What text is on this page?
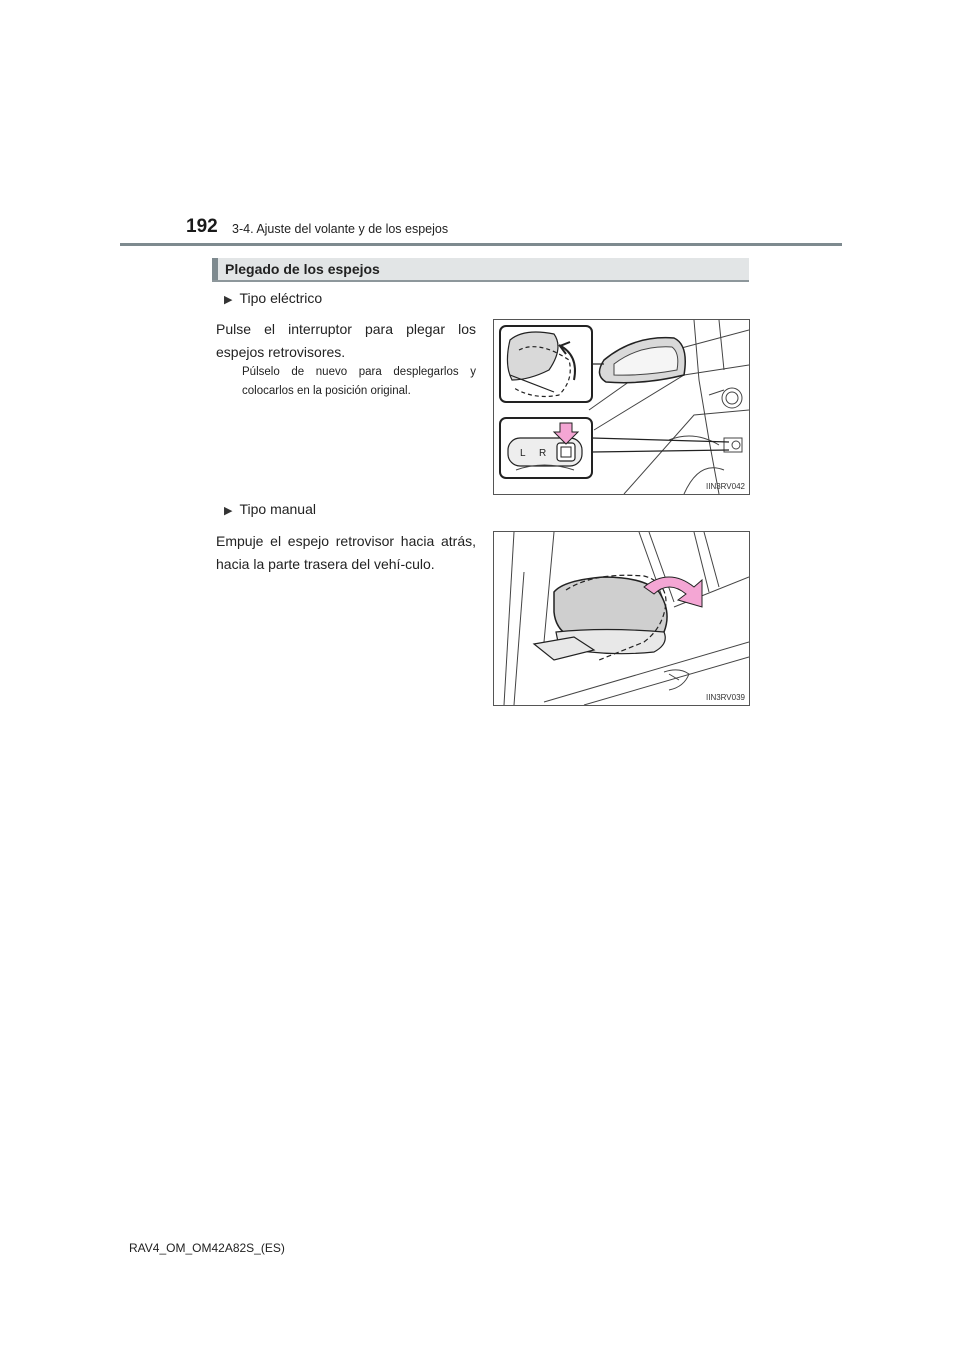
192 3-4. Ajuste del volante y de los espejos
Plegado de los espejos
▶ Tipo eléctrico
Pulse el interruptor para plegar los espejos retrovisores.
Púlselo de nuevo para desplegarlos y colocarlos en la posición original.
L R
IIN3RV042
▶ Tipo manual
Empuje el espejo retrovisor hacia atrás, hacia la parte trasera del vehí-culo.
IIN3RV039
RAV4_OM_OM42A82S_(ES)
